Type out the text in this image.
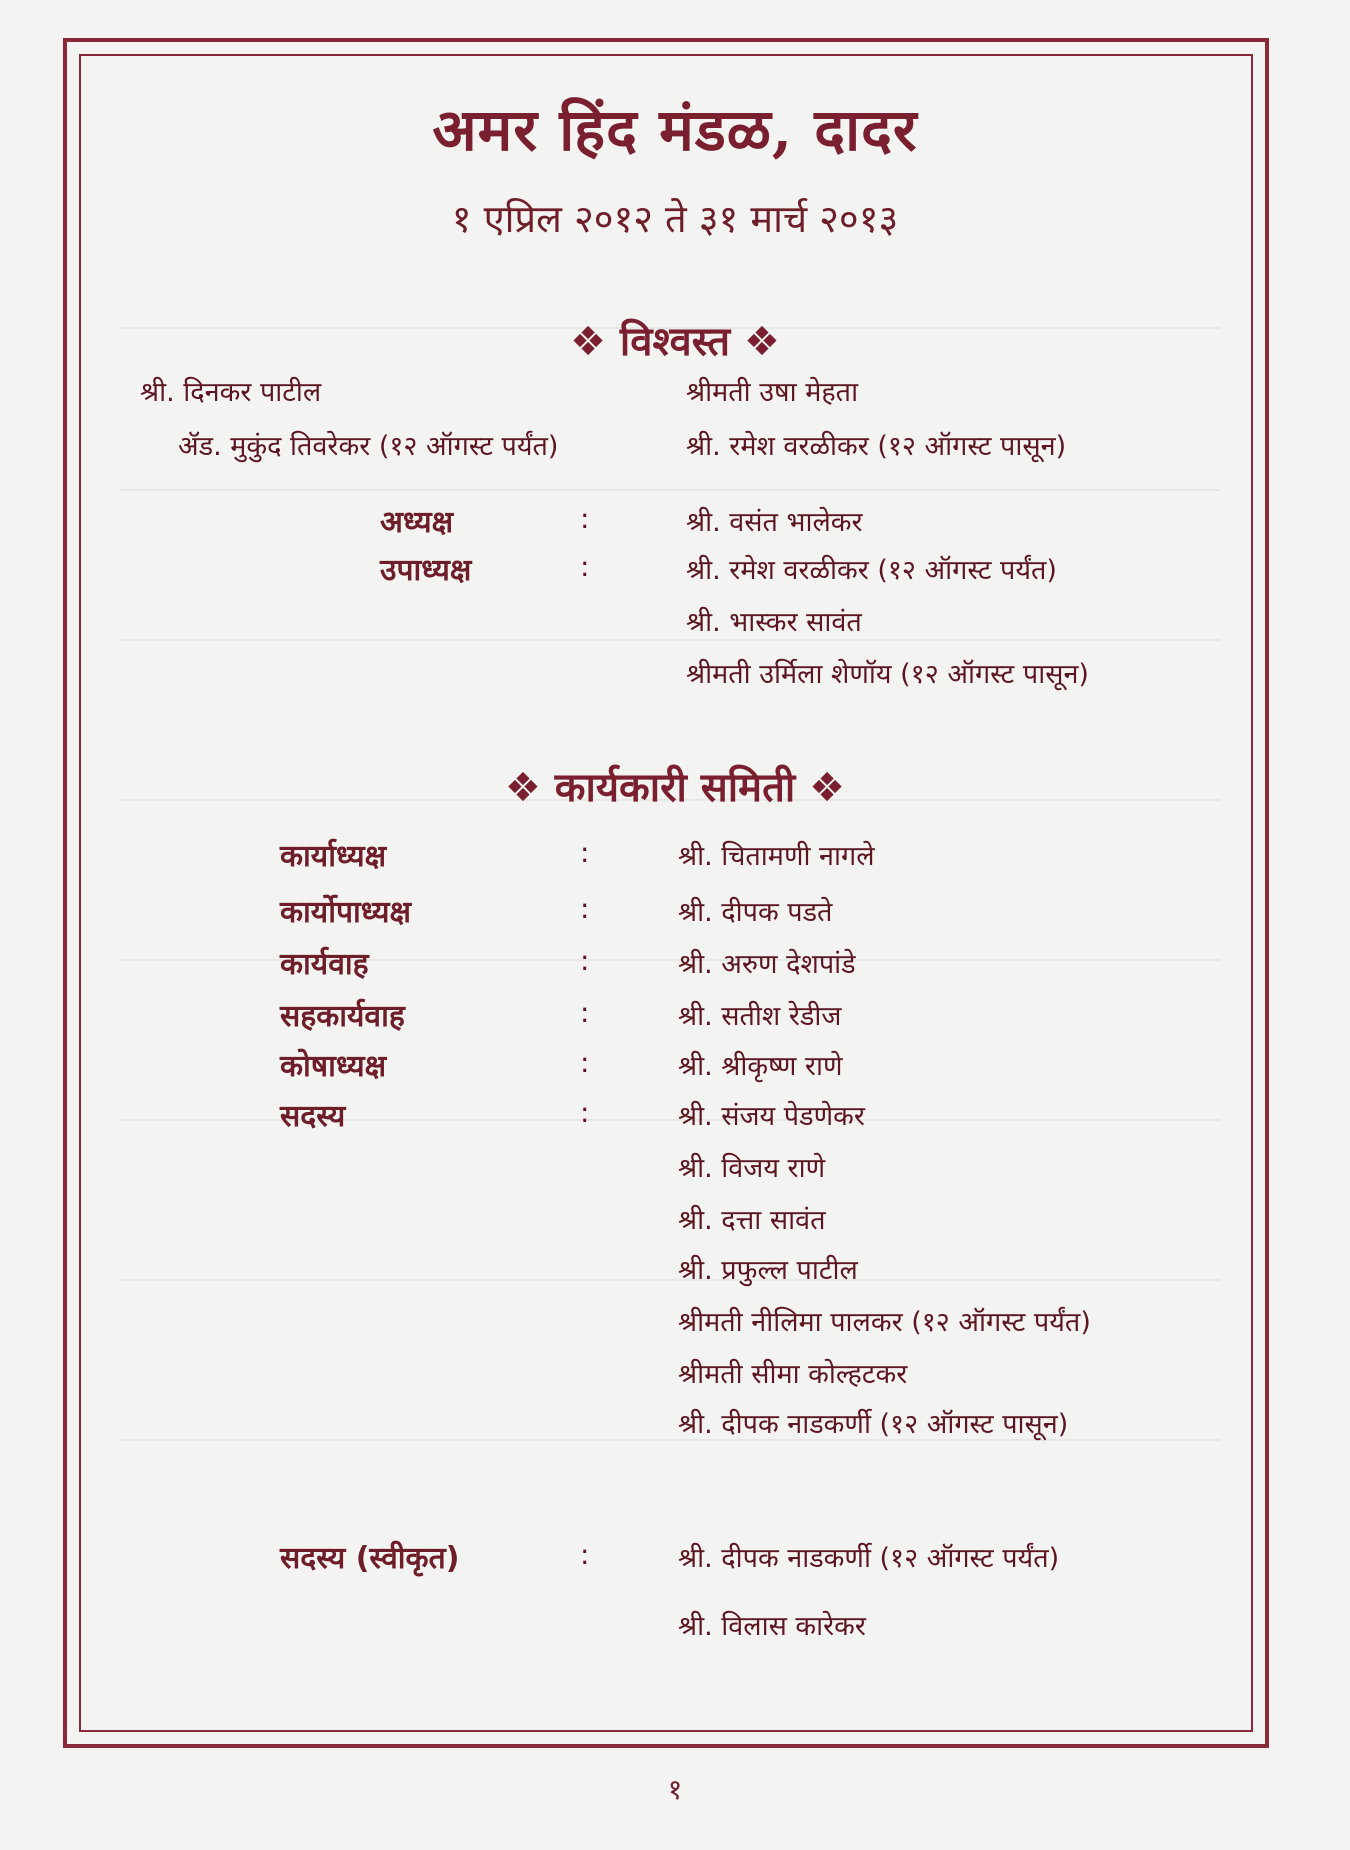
अमर हिंद मंडळ, दादर
१ एप्रिल २०१२ ते ३१ मार्च २०१३
❖ विश्वस्त ❖
श्री. दिनकर पाटील	श्रीमती उषा मेहता
ॲड. मुकुंद तिवरेकर (१२ ऑगस्ट पर्यंत)	श्री. रमेश वरळीकर (१२ ऑगस्ट पासून)
अध्यक्ष	:	श्री. वसंत भालेकर
उपाध्यक्ष	:	श्री. रमेश वरळीकर (१२ ऑगस्ट पर्यंत)
श्री. भास्कर सावंत
श्रीमती उर्मिला शेणॉय (१२ ऑगस्ट पासून)
❖ कार्यकारी समिती ❖
कार्याध्यक्ष	:	श्री. चितामणी नागले
कार्योपाध्यक्ष	:	श्री. दीपक पडते
कार्यवाह	:	श्री. अरुण देशपांडे
सहकार्यवाह	:	श्री. सतीश रेडीज
कोषाध्यक्ष	:	श्री. श्रीकृष्ण राणे
सदस्य	:	श्री. संजय पेडणेकर
श्री. विजय राणे
श्री. दत्ता सावंत
श्री. प्रफुल्ल पाटील
श्रीमती नीलिमा पालकर (१२ ऑगस्ट पर्यंत)
श्रीमती सीमा कोल्हटकर
श्री. दीपक नाडकर्णी (१२ ऑगस्ट पासून)
सदस्य (स्वीकृत)	:	श्री. दीपक नाडकर्णी (१२ ऑगस्ट पर्यंत)
श्री. विलास कारेकर
१
